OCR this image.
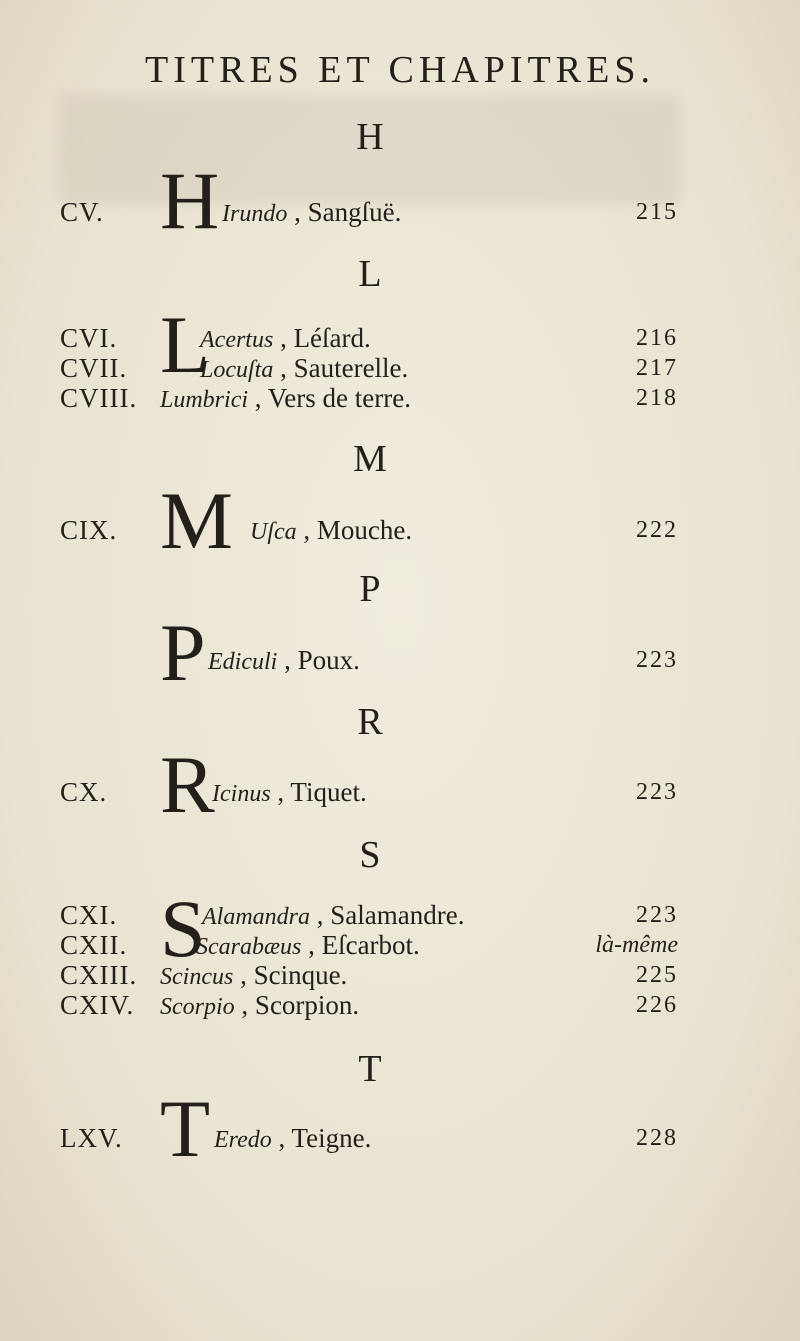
TITRES ET CHAPITRES.
H
H
CV.	Irundo , Sangſuë.	215
L
L
CVI.	Acertus , Léſard.	216
CVII.	Locuſta , Sauterelle.	217
CVIII. Lumbrici , Vers de terre.	218
M
M
CIX.	Uſca , Mouche.	222
P
P Ediculi , Poux.	223
R
R
CX.	Icinus , Tiquet.	223
S
S
CXI.	Alamandra , Salamandre.	223
CXII.	Scarabæus , Eſcarbot.	là-même
CXIII. Scincus , Scinque.	225
CXIV. Scorpio , Scorpion.	226
T
T
LXV.	Eredo , Teigne.	228
